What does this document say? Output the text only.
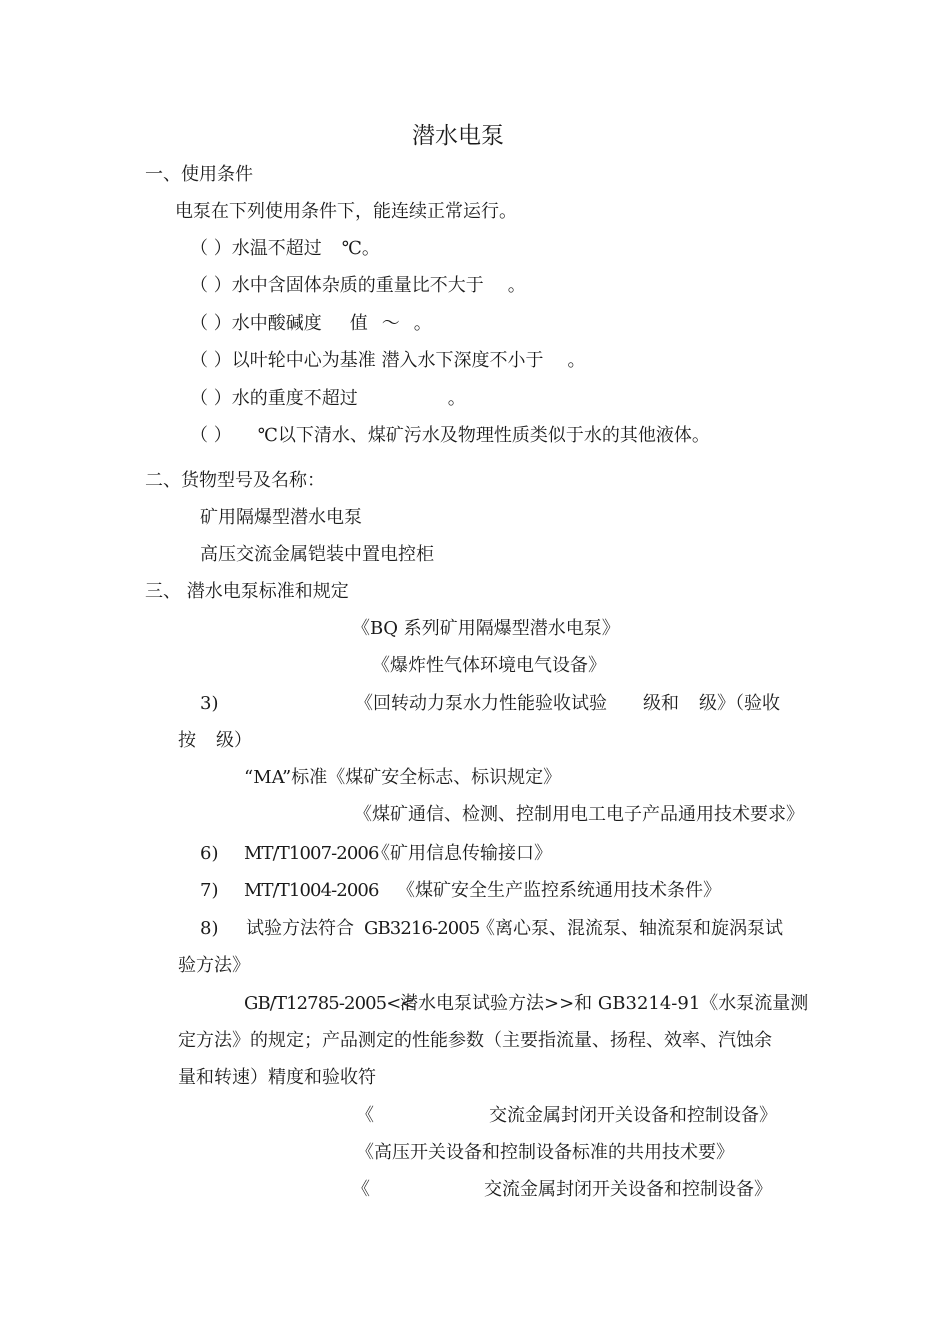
潜水电泵
一、使用条件
电泵在下列使用条件下，能连续正常运行。
（ ）水温不超过 ℃。
（ ）水中含固体杂质的重量比不大于 。
（ ）水中酸碱度 值 ～ 。
（ ）以叶轮中心为基准 潜入水下深度不小于 。
（ ）水的重度不超过	。
（ ） ℃以下清水、煤矿污水及物理性质类似于水的其他液体。
二、货物型号及名称：
矿用隔爆型潜水电泵
高压交流金属铠装中置电控柜
三、 潜水电泵标准和规定
《BQ 系列矿用隔爆型潜水电泵》
《爆炸性气体环境电气设备》
3)	《回转动力泵水力性能验收试验 级和 级》（验收
按 级）
“MA”标准《煤矿安全标志、标识规定》
《煤矿通信、检测、控制用电工电子产品通用技术要求》
6) MT/T1007-2006
《矿用信息传输接口》
7) MT/T1004-2006 《煤矿安全生产监控系统通用技术条件》
8) 试验方法符合 GB3216-2005
《离心泵、混流泵、轴流泵和旋涡泵试
验方法》
GB/T12785-2005<<
潜水电泵试验方法>>和 GB3214-91《水泵流量测
定方法》的规定；产品测定的性能参数（主要指流量、扬程、效率、汽蚀余
量和转速）精度和验收符
《	交流金属封闭开关设备和控制设备》
《高压开关设备和控制设备标准的共用技术要》
《	交流金属封闭开关设备和控制设备》
